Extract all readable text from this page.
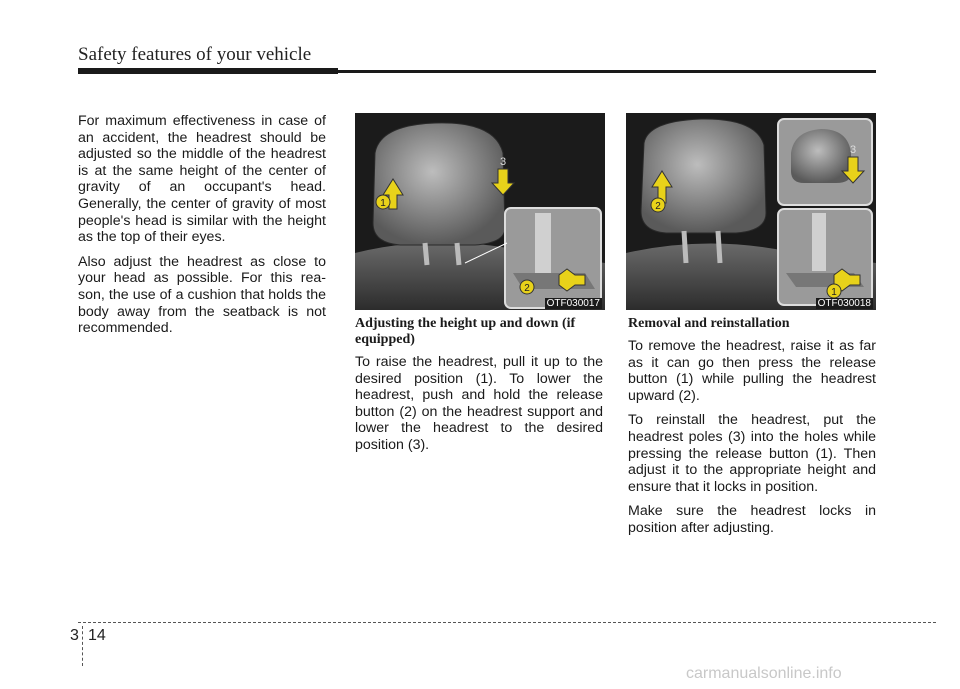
Safety features of your vehicle

For maximum effectiveness in case of an accident, the headrest should be adjusted so the middle of the headrest is at the same height of the center of gravity of an occupant's head. Generally, the center of gravity of most people's head is similar with the height as the top of their eyes.

Also adjust the headrest as close to your head as possible. For this rea-son, the use of a cushion that holds the body away from the seatback is not recommended.

1
3
2
OTF030017
2
3
1
OTF030018

Adjusting the height up and down (if equipped)

To raise the headrest, pull it up to the desired position (1). To lower the headrest, push and hold the release button (2) on the headrest support and lower the headrest to the desired position (3).

Removal and reinstallation

To remove the headrest, raise it as far as it can go then press the release button (1) while pulling the headrest upward (2).

To reinstall the headrest, put the headrest poles (3) into the holes while pressing the release button (1). Then adjust it to the appropriate height and ensure that it locks in position.

Make sure the headrest locks in position after adjusting.

3 14
carmanualsonline.info
